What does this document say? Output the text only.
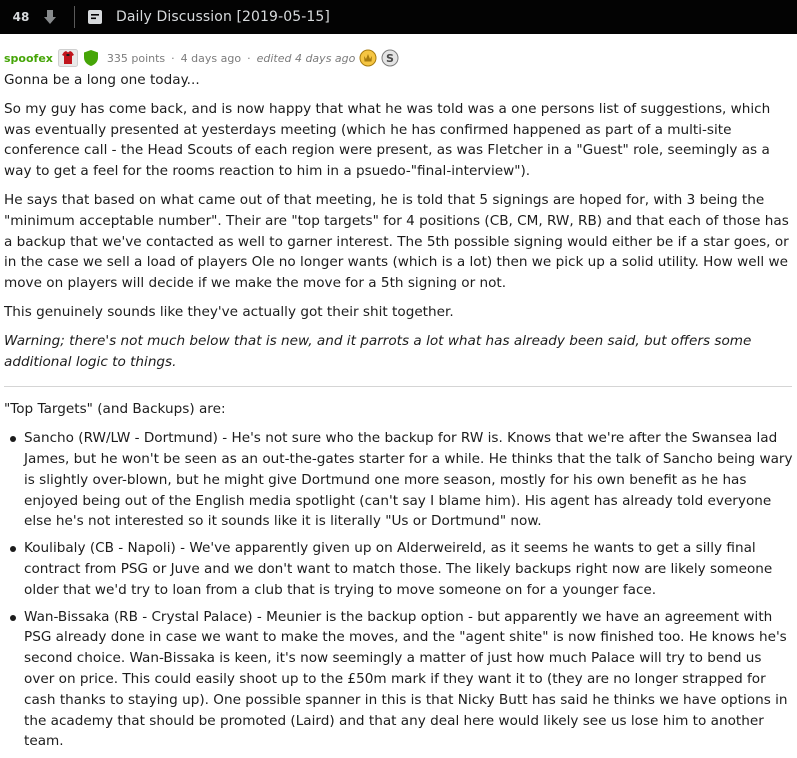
48	Daily Discussion [2019-05-15]
spoofex	335 points · 4 days ago · edited 4 days ago	S

Gonna be a long one today...

So my guy has come back, and is now happy that what he was told was a one persons list of suggestions, which was eventually presented at yesterdays meeting (which he has confirmed happened as part of a multi-site conference call - the Head Scouts of each region were present, as was Fletcher in a "Guest" role, seemingly as a way to get a feel for the rooms reaction to him in a psuedo-"final-interview").

He says that based on what came out of that meeting, he is told that 5 signings are hoped for, with 3 being the "minimum acceptable number". Their are "top targets" for 4 positions (CB, CM, RW, RB) and that each of those has a backup that we've contacted as well to garner interest. The 5th possible signing would either be if a star goes, or in the case we sell a load of players Ole no longer wants (which is a lot) then we pick up a solid utility. How well we move on players will decide if we make the move for a 5th signing or not.

This genuinely sounds like they've actually got their shit together.

Warning; there's not much below that is new, and it parrots a lot what has already been said, but offers some additional logic to things.

"Top Targets" (and Backups) are:

Sancho (RW/LW - Dortmund) - He's not sure who the backup for RW is. Knows that we're after the Swansea lad James, but he won't be seen as an out-the-gates starter for a while. He thinks that the talk of Sancho being wary is slightly over-blown, but he might give Dortmund one more season, mostly for his own benefit as he has enjoyed being out of the English media spotlight (can't say I blame him). His agent has already told everyone else he's not interested so it sounds like it is literally "Us or Dortmund" now.
Koulibaly (CB - Napoli) - We've apparently given up on Alderweireld, as it seems he wants to get a silly final contract from PSG or Juve and we don't want to match those. The likely backups right now are likely someone older that we'd try to loan from a club that is trying to move someone on for a younger face.
Wan-Bissaka (RB - Crystal Palace) - Meunier is the backup option - but apparently we have an agreement with PSG already done in case we want to make the moves, and the "agent shite" is now finished too. He knows he's second choice. Wan-Bissaka is keen, it's now seemingly a matter of just how much Palace will try to bend us over on price. This could easily shoot up to the £50m mark if they want it to (they are no longer strapped for cash thanks to staying up). One possible spanner in this is that Nicky Butt has said he thinks we have options in the academy that should be promoted (Laird) and that any deal here would likely see us lose him to another team.
